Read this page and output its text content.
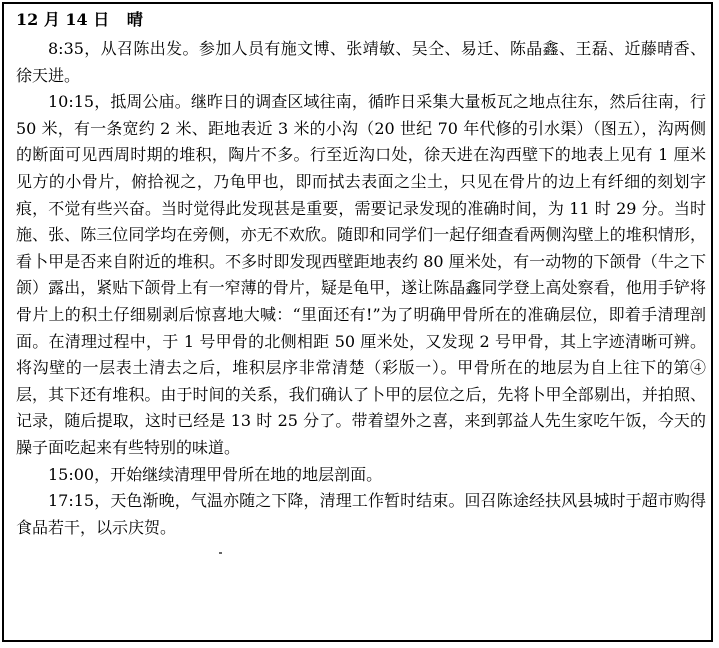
12 月 14 日 晴

8:35，从召陈出发。参加人员有施文博、张靖敏、吴仝、易迁、陈晶鑫、王磊、近藤晴香、徐天进。

10:15，抵周公庙。继昨日的调查区域往南，循昨日采集大量板瓦之地点往东，然后往南，行 50 米，有一条宽约 2 米、距地表近 3 米的小沟（20 世纪 70 年代修的引水渠）（图五），沟两侧的断面可见西周时期的堆积，陶片不多。行至近沟口处，徐天进在沟西壁下的地表上见有 1 厘米见方的小骨片，俯拾视之，乃龟甲也，即而拭去表面之尘土，只见在骨片的边上有纤细的刻划字痕，不觉有些兴奋。当时觉得此发现甚是重要，需要记录发现的准确时间，为 11 时 29 分。当时施、张、陈三位同学均在旁侧，亦无不欢欣。随即和同学们一起仔细查看两侧沟壁上的堆积情形，看卜甲是否来自附近的堆积。不多时即发现西壁距地表约 80 厘米处，有一动物的下颌骨（牛之下颌）露出，紧贴下颌骨上有一窄薄的骨片，疑是龟甲，遂让陈晶鑫同学登上高处察看，他用手铲将骨片上的积土仔细剔剥后惊喜地大喊：“里面还有!”为了明确甲骨所在的准确层位，即着手清理剖面。在清理过程中，于 1 号甲骨的北侧相距 50 厘米处，又发现 2 号甲骨，其上字迹清晰可辨。将沟壁的一层表土清去之后，堆积层序非常清楚（彩版一）。甲骨所在的地层为自上往下的第④层，其下还有堆积。由于时间的关系，我们确认了卜甲的层位之后，先将卜甲全部剔出，并拍照、记录，随后提取，这时已经是 13 时 25 分了。带着望外之喜，来到郭益人先生家吃午饭，今天的臊子面吃起来有些特别的味道。

15:00，开始继续清理甲骨所在地的地层剖面。

17:15，天色渐晚，气温亦随之下降，清理工作暂时结束。回召陈途经扶风县城时于超市购得食品若干，以示庆贺。
